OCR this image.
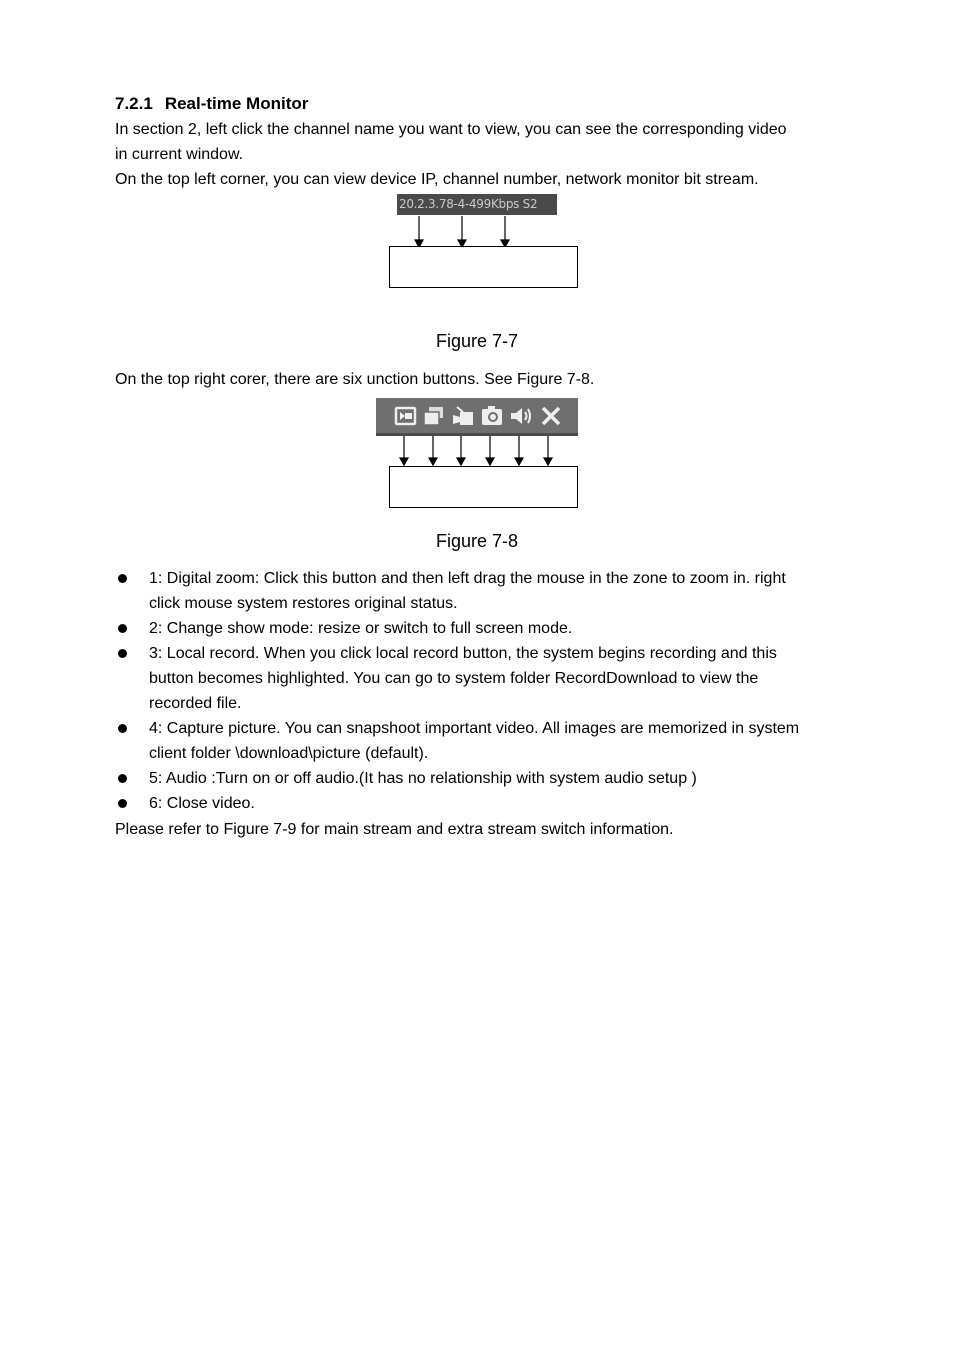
7.2.1 Real-time Monitor
In section 2, left click the channel name you want to view, you can see the corresponding video
in current window.
On the top left corner, you can view device IP, channel number, network monitor bit stream.
20.2.3.78-4-499Kbps S2
Figure 7-7
On the top right corer, there are six unction buttons. See Figure 7-8.
Figure 7-8
1: Digital zoom: Click this button and then left drag the mouse in the zone to zoom in. right
click mouse system restores original status.
2: Change show mode: resize or switch to full screen mode.
3: Local record. When you click local record button, the system begins recording and this
button becomes highlighted. You can go to system folder RecordDownload to view the
recorded file.
4: Capture picture. You can snapshoot important video. All images are memorized in system
client folder \download\picture (default).
5: Audio :Turn on or off audio.(It has no relationship with system audio setup )
6: Close video.
Please refer to Figure 7-9 for main stream and extra stream switch information.
